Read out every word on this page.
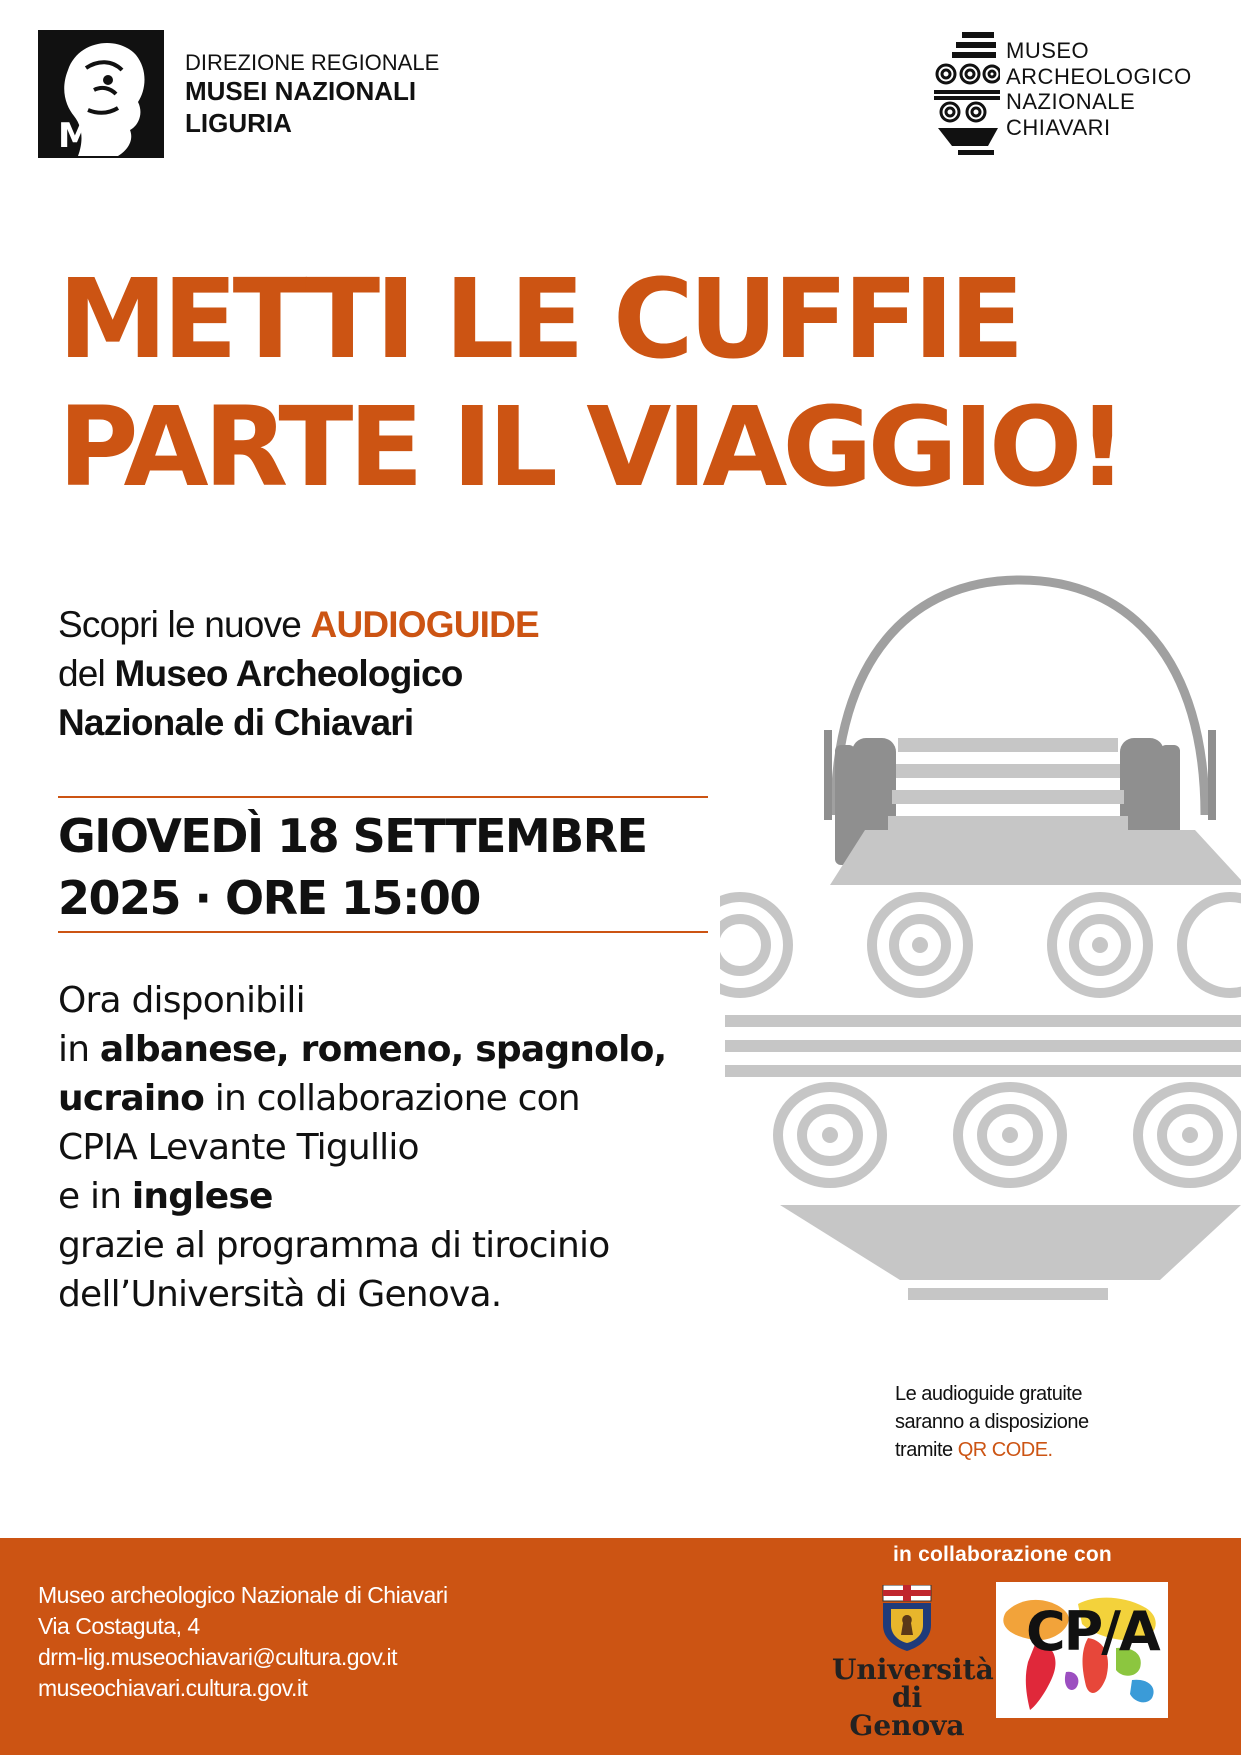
MiC
DIREZIONE REGIONALE
MUSEI NAZIONALI
LIGURIA
MUSEO
ARCHEOLOGICO
NAZIONALE
CHIAVARI
METTI LE CUFFIE
PARTE IL VIAGGIO!
Scopri le nuove AUDIOGUIDE
del Museo Archeologico
Nazionale di Chiavari
GIOVEDÌ 18 SETTEMBRE
2025 · ORE 15:00
Ora disponibili
in albanese, romeno, spagnolo,
ucraino in collaborazione con
CPIA Levante Tigullio
e in inglese
grazie al programma di tirocinio
dell’Università di Genova.
Le audioguide gratuite
saranno a disposizione
tramite QR CODE.
Museo archeologico Nazionale di Chiavari
Via Costaguta, 4
drm-lig.museochiavari@cultura.gov.it
museochiavari.cultura.gov.it
in collaborazione con
Università
di Genova
CP/A
